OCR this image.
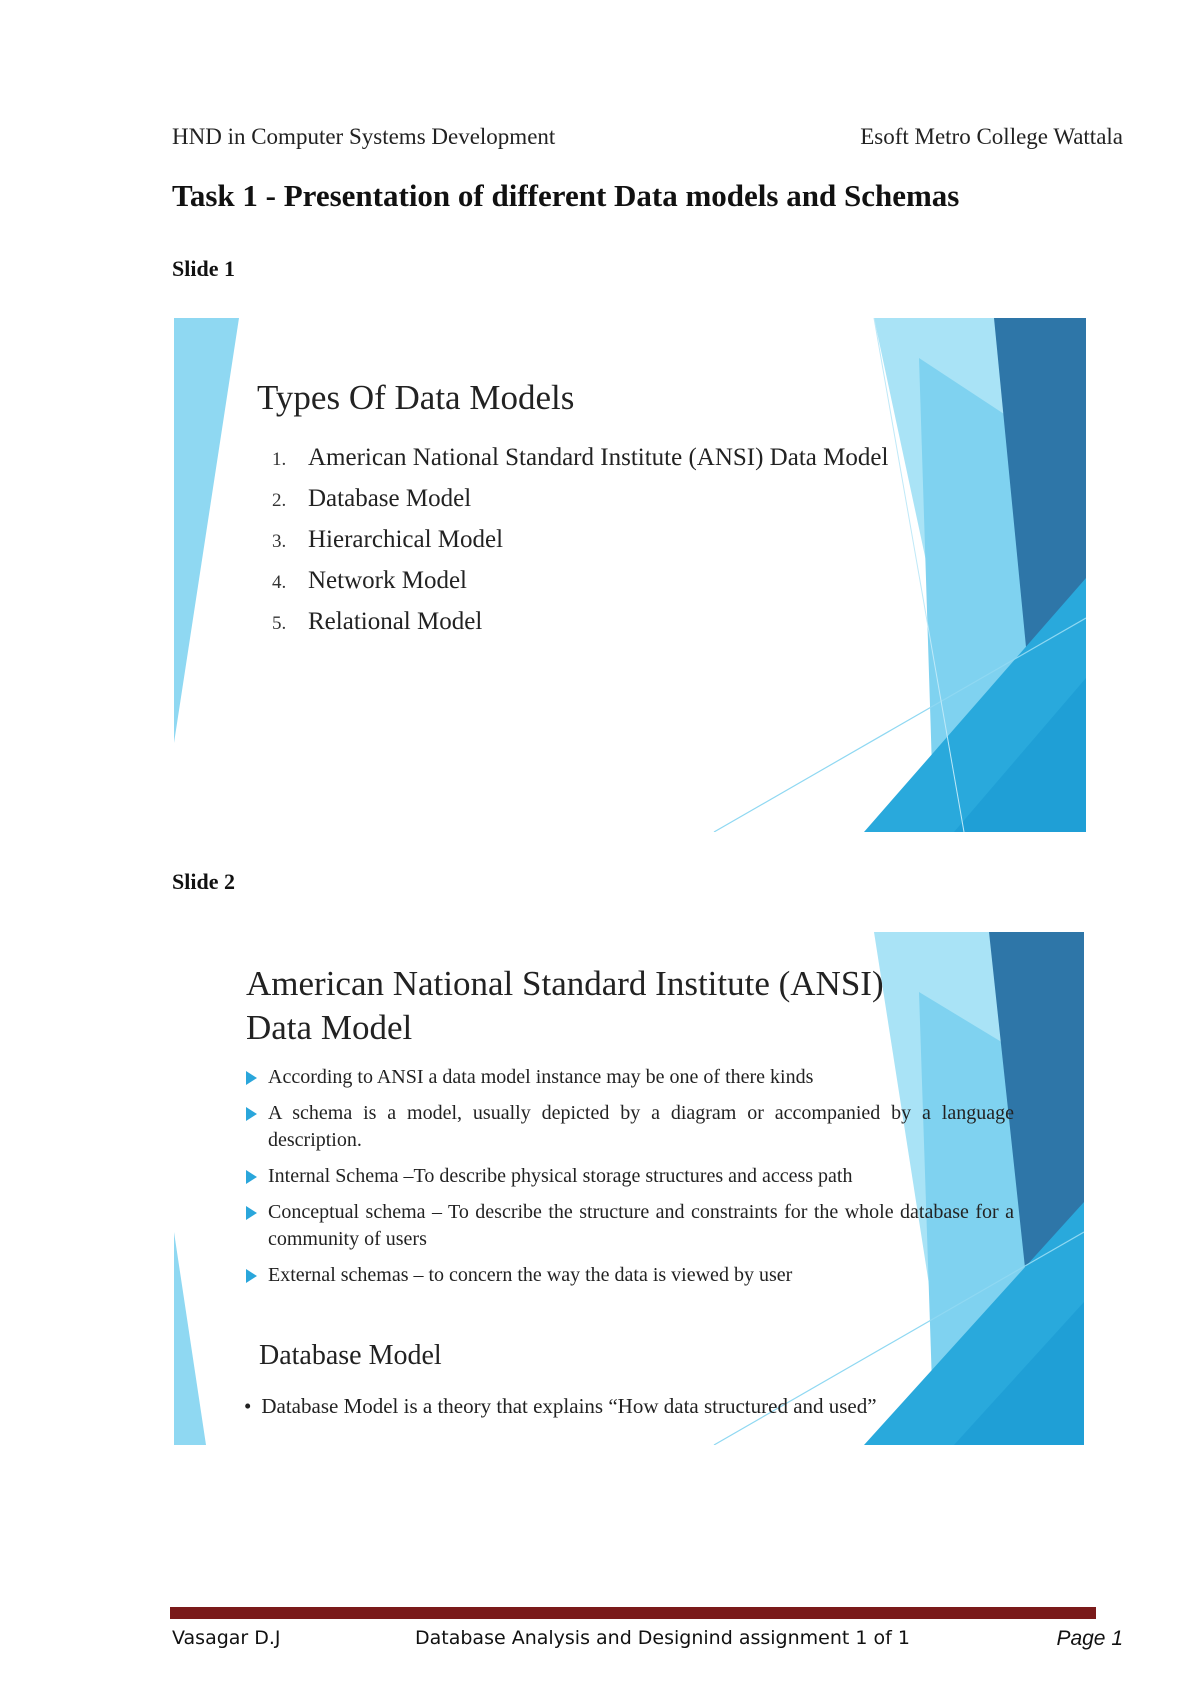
HND in Computer Systems Development	Esoft Metro College Wattala
Task 1 - Presentation of different Data models and Schemas
Slide 1
Types Of Data Models
1. American National Standard Institute (ANSI) Data Model
2. Database Model
3. Hierarchical Model
4. Network Model
5. Relational Model
Slide 2
American National Standard Institute (ANSI)
Data Model
According to ANSI a data model instance may be one of there kinds
A schema is a model, usually depicted by a diagram or accompanied by a language description.
Internal Schema –To describe physical storage structures and access path
Conceptual schema – To describe the structure and constraints for the whole database for a community of users
External schemas – to concern the way the data is viewed by user
Database Model
• Database Model is a theory that explains “How data structured and used”
Vasagar D.J	Database Analysis and Designind assignment 1 of 1	Page 1
